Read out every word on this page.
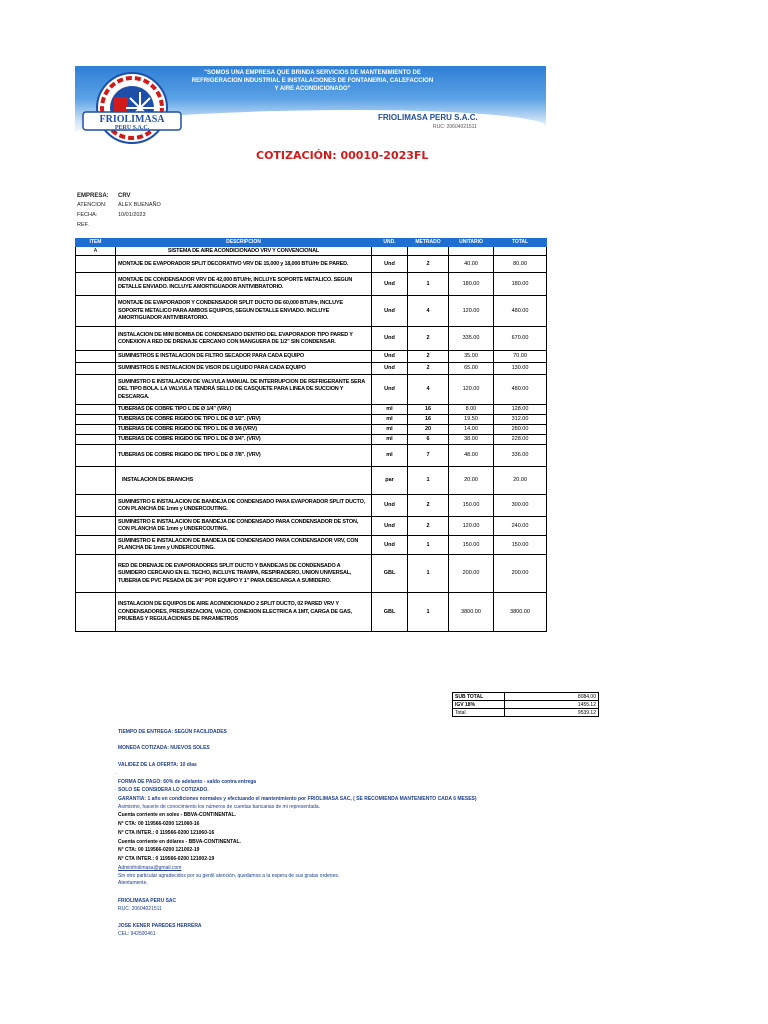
FRIOLIMASA
PERU S.A.C.
"SOMOS UNA EMPRESA QUE BRINDA SERVICIOS DE MANTENIMIENTO DE REFRIGERACION INDUSTRIAL E INSTALACIONES DE FONTANERIA, CALEFACCION Y AIRE ACONDICIONADO"
FRIOLIMASA PERU S.A.C.
RUC: 20604021511
COTIZACIÓN: 00010-2023FL
EMPRESA: CRV
ATENCION: ALEX BUENAÑO
FECHA:	10/01/2023
REF.
ITEM	DESCRIPCION	UND.	METRADO	UNITARIO	TOTAL
A	SISTEMA DE AIRE ACONDICIONADO VRV Y CONVENCIONAL				
	MONTAJE DE EVAPORADOR SPLIT DECORATIVO VRV DE 15,000 y 18,000 BTU/Hr DE PARED.	Und	2	40.00	80.00
	MONTAJE DE CONDENSADOR VRV DE 42,000 BTU/Hr, INCLUYE SOPORTE METALICO. SEGUN DETALLE ENVIADO. INCLUYE AMORTIGUADOR ANTIVIBRATORIO.	Und	1	180.00	180.00
	MONTAJE DE EVAPORADOR Y CONDENSADOR SPLIT DUCTO DE 60,000 BTU/Hr, INCLUYE SOPORTE METALICO PARA AMBOS EQUIPOS, SEGUN DETALLE ENVIADO. INCLUYE AMORTIGUADOR ANTIVIBRATORIO.	Und	4	120.00	480.00
	INSTALACION DE MINI BOMBA DE CONDENSADO DENTRO DEL EVAPORADOR TIPO PARED Y CONEXION A RED DE DRENAJE CERCANO CON MANGUERA DE 1/2" SIN CONDENSAR.	Und	2	335.00	670.00
	SUMINISTROS E INSTALACION DE FILTRO SECADOR PARA CADA EQUIPO	Und	2	35.00	70.00
	SUMINISTROS E INSTALACION DE VISOR DE LIQUIDO PARA CADA EQUIPO	Und	2	65.00	130.00
	SUMINISTRO E INSTALACION DE VALVULA MANUAL DE INTERRUPCION DE REFRIGERANTE SERA DEL TIPO BOLA. LA VALVULA TENDRÁ SELLO DE CASQUETE PARA LINEA DE SUCCION Y DESCARGA.	Und	4	120.00	480.00
	TUBERIAS DE COBRE TIPO L DE Ø 1/4" (VRV)	ml	16	8.00	128.00
	TUBERIAS DE COBRE RIGIDO DE TIPO L DE Ø 1/2". (VRV)	ml	16	19.50	312.00
	TUBERIAS DE COBRE RIGIDO DE TIPO L DE Ø 3/8 (VRV)	ml	20	14.00	280.00
	TUBERIAS DE COBRE RIGIDO DE TIPO L DE Ø 3/4". (VRV)	ml	6	38.00	228.00
	TUBERIAS DE COBRE RIGIDO DE TIPO L DE Ø 7/8". (VRV)	ml	7	48.00	336.00
	INSTALACION DE BRANCHS	par	1	20.00	20.00
	SUMINISTRO E INSTALACION DE BANDEJA DE CONDENSADO PARA EVAPORADOR SPLIT DUCTO, CON PLANCHA DE 1mm y UNDERCOUTING.	Und	2	150.00	300.00
	SUMINISTRO E INSTALACION DE BANDEJA DE CONDENSADO PARA CONDENSADOR DE STON, CON PLANCHA DE 1mm y UNDERCOUTING.	Und	2	120.00	240.00
	SUMINISTRO E INSTALACION DE BANDEJA DE CONDENSADO PARA CONDENSADOR VRV, CON PLANCHA DE 1mm y UNDERCOUTING.	Und	1	150.00	150.00
	RED DE DRENAJE DE EVAPORADORES SPLIT DUCTO Y BANDEJAS DE CONDENSADO A SUMIDERO CERCANO EN EL TECHO, INCLUYE TRAMPA, RESPIRADERO, UNION UNIVERSAL, TUBERIA DE PVC PESADA DE 3/4" POR EQUIPO Y 1" PARA DESCARGA A SUMIDERO.	GBL	1	200.00	200.00
	INSTALACION DE EQUIPOS DE AIRE ACONDICIONADO 2 SPLIT DUCTO, 02 PARED VRV Y CONDENSADORES, PRESURIZACION, VACIO, CONEXION ELECTRICA A 1MT, CARGA DE GAS, PRUEBAS Y REGULACIONES DE PARAMETROS	GBL	1	3800.00	3800.00
SUB TOTAL	8084.00
IGV 18%	1455.12
Total	9539.12
TIEMPO DE ENTREGA: SEGÚN FACILIDADES
MONEDA COTIZADA: NUEVOS SOLES
VALIDEZ DE LA OFERTA: 10 dias
-
FORMA DE PAGO: 60% de adelanto - saldo contra entrega
- SOLO SE CONSIDERA LO COTIZADO.
- GARANTIA: 1 año en condiciones normales y efectuando el mantenimiento por FRIOLIMASA SAC, ( SE RECOMIENDA MANTENIENTO CADA 6 MESES)
Asimismo, hacerle de conocimiento los números de cuentas bancarias de mi representada.
Cuenta corriente en soles - BBVA-CONTINENTAL.
N° CTA: 00 119566-0200 121060-16
N° CTA INTER.: 0 119566-0200 121060-16
Cuenta corriente en dólares - BBVA-CONTINENTAL.
N° CTA: 00 119566-0200 121002-19
N° CTA INTER.: 0 119566-0200 121002-19
Adminfriolimasa@gmail.com
Sin otro particular agradecidos por su gentil atención, quedamos a la espera de sus gratas ordenes.
Atentamente,
FRIOLIMASA PERU SAC
RUC: 20604021511
JOSE KENER PAREDES HERRERA
CEL: 942500461
